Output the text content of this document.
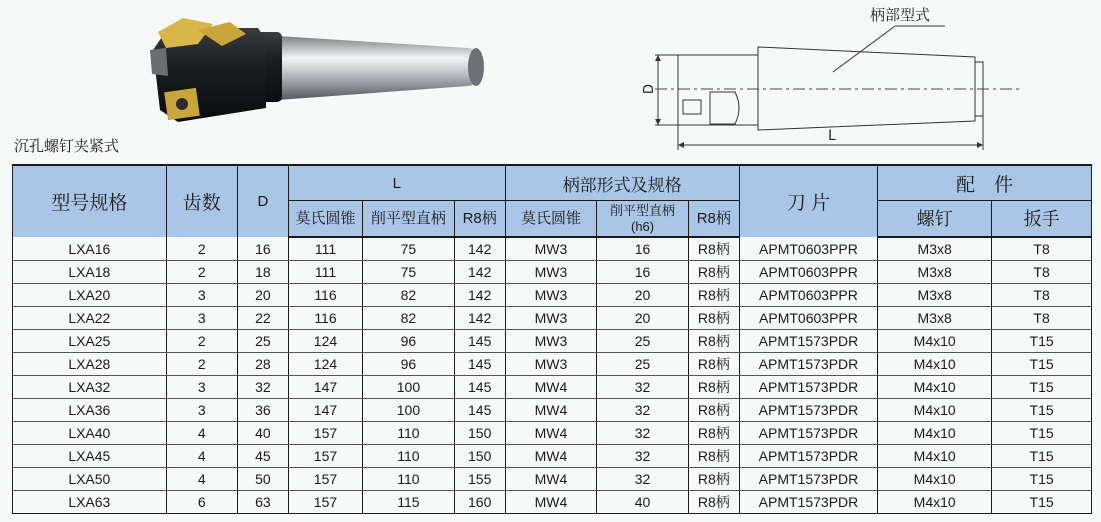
柄部型式
D
L
沉孔螺钉夹紧式
型号规格	齿数	D	L			柄部形式及规格			刀 片	配　件	
			莫氏圆锥	削平型直柄	R8柄	莫氏圆锥	削平型直柄
(h6)	R8柄		螺钉	扳手
LXA16	2	16	111	75	142	MW3	16	R8柄	APMT0603PPR	M3x8	T8
LXA18	2	18	111	75	142	MW3	16	R8柄	APMT0603PPR	M3x8	T8
LXA20	3	20	116	82	142	MW3	20	R8柄	APMT0603PPR	M3x8	T8
LXA22	3	22	116	82	142	MW3	20	R8柄	APMT0603PPR	M3x8	T8
LXA25	2	25	124	96	145	MW3	25	R8柄	APMT1573PDR	M4x10	T15
LXA28	2	28	124	96	145	MW3	25	R8柄	APMT1573PDR	M4x10	T15
LXA32	3	32	147	100	145	MW4	32	R8柄	APMT1573PDR	M4x10	T15
LXA36	3	36	147	100	145	MW4	32	R8柄	APMT1573PDR	M4x10	T15
LXA40	4	40	157	110	150	MW4	32	R8柄	APMT1573PDR	M4x10	T15
LXA45	4	45	157	110	150	MW4	32	R8柄	APMT1573PDR	M4x10	T15
LXA50	4	50	157	110	155	MW4	32	R8柄	APMT1573PDR	M4x10	T15
LXA63	6	63	157	115	160	MW4	40	R8柄	APMT1573PDR	M4x10	T15
